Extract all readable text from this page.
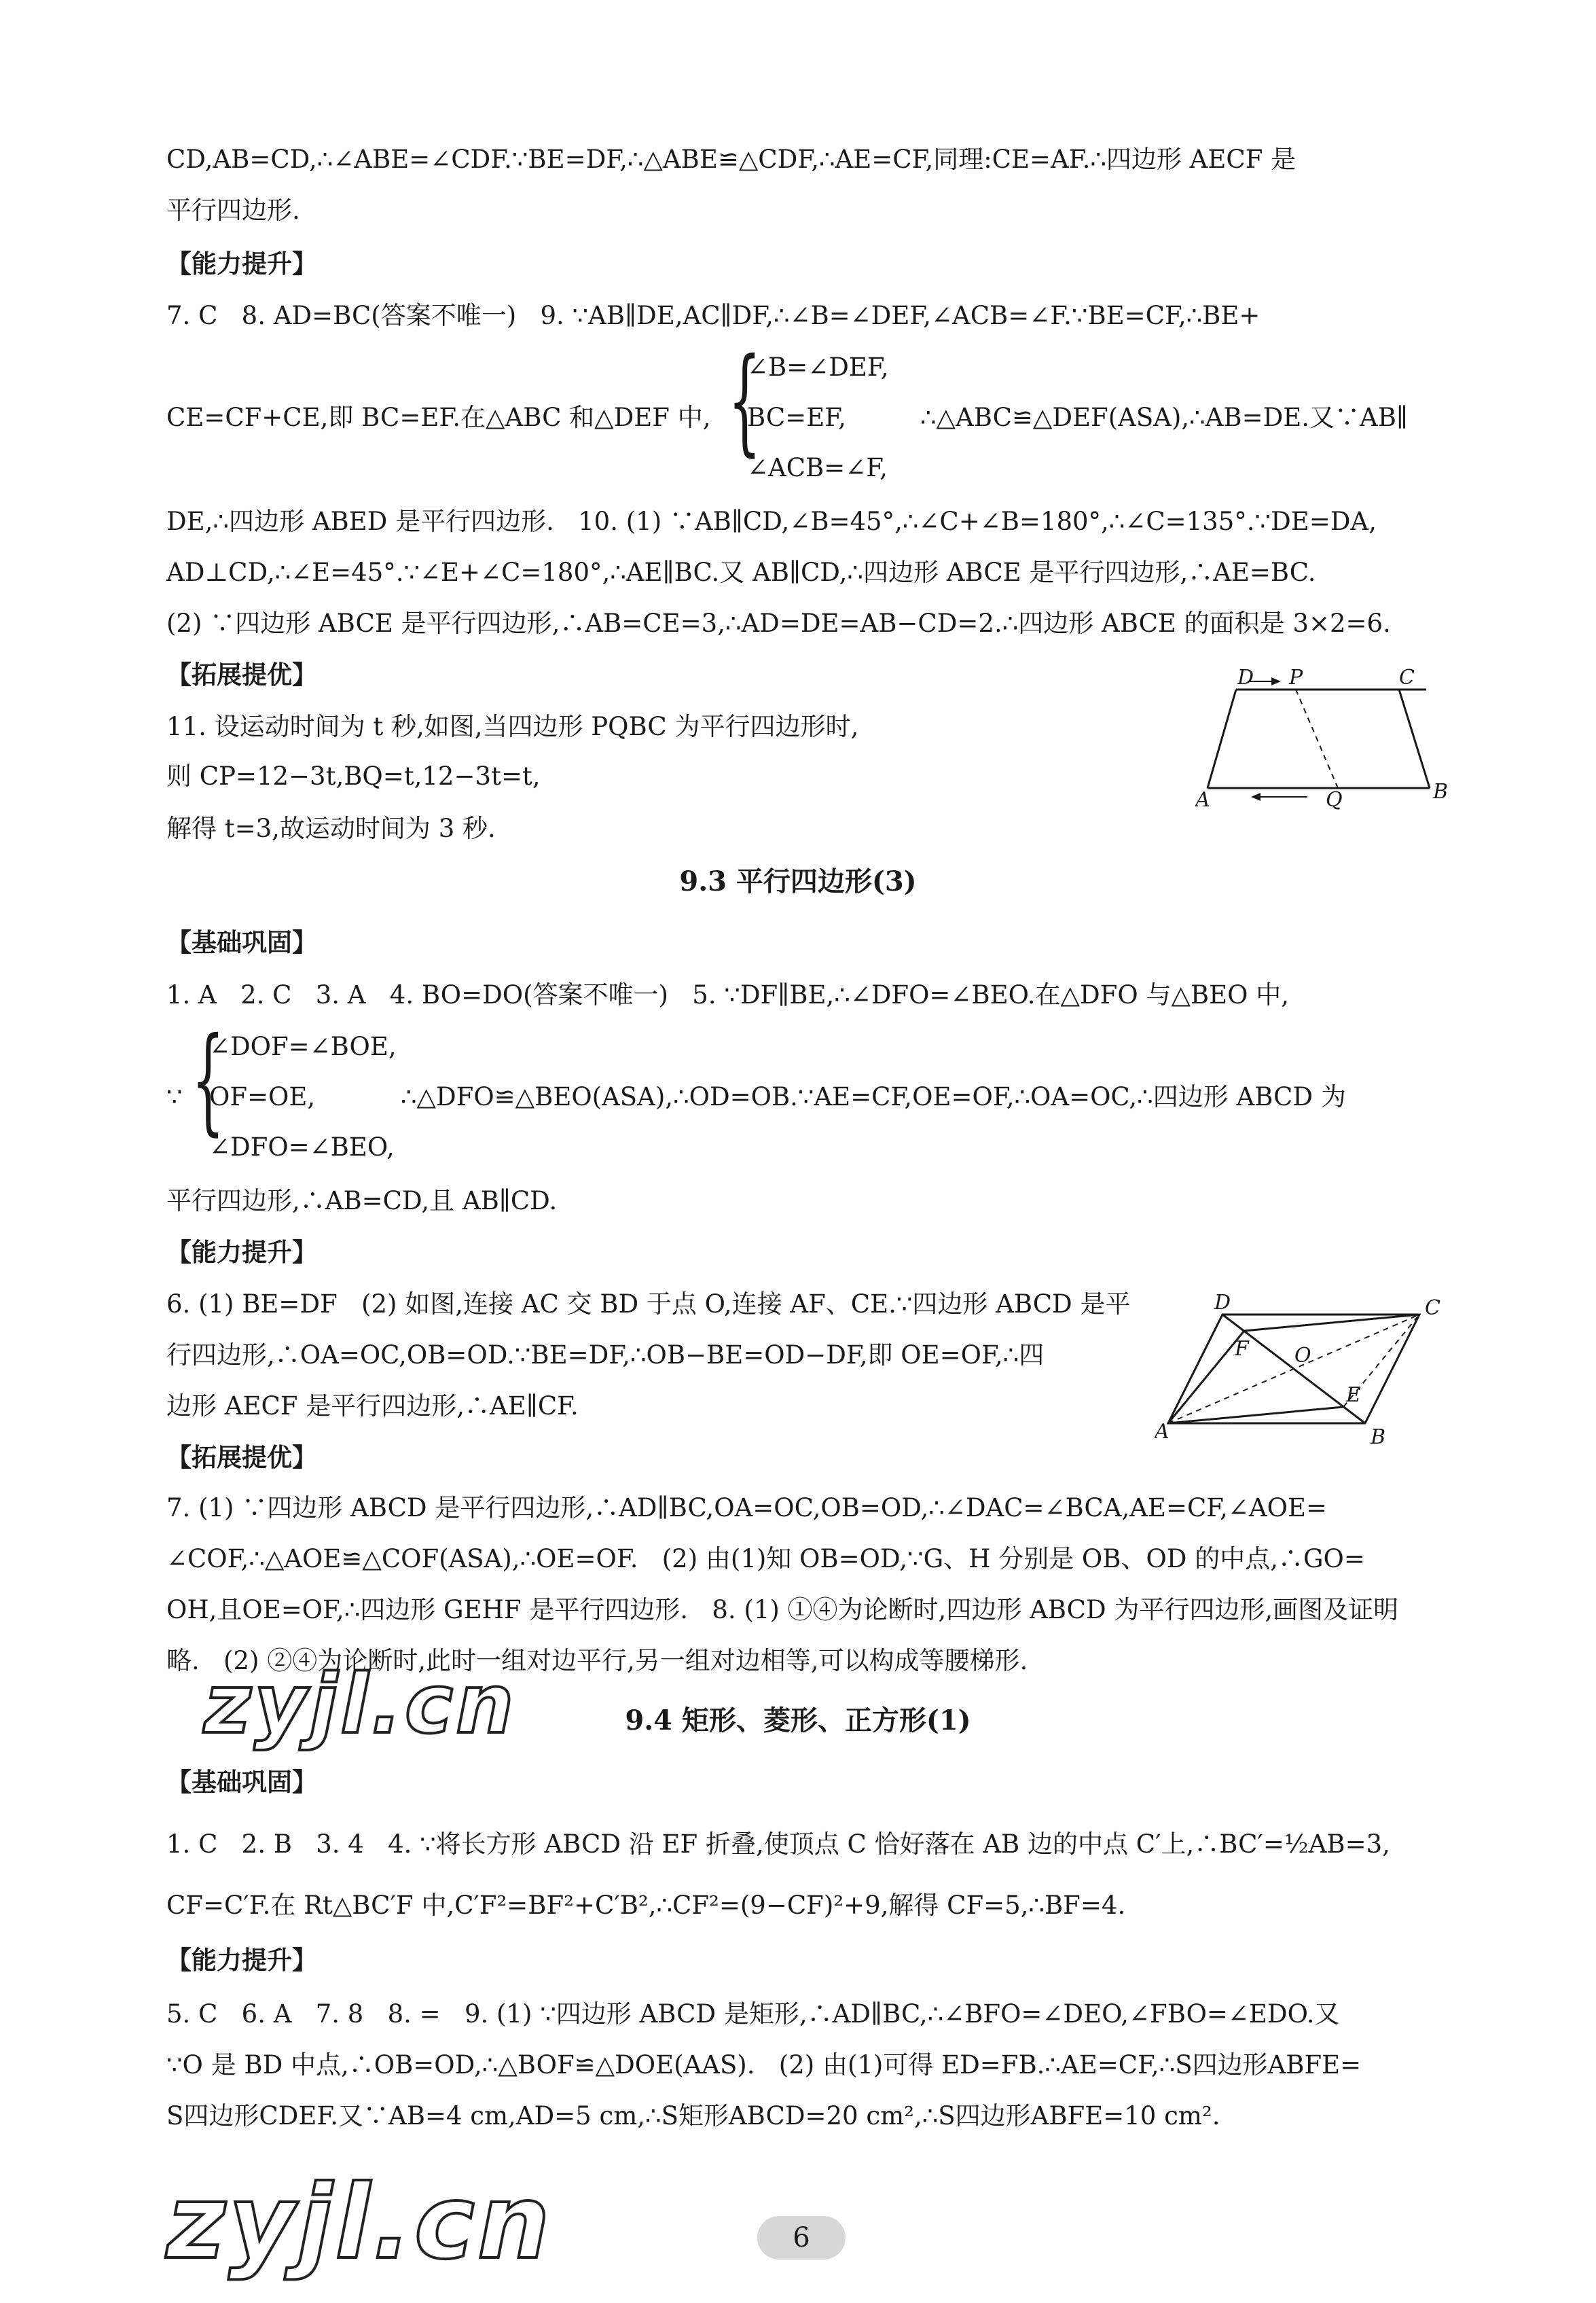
CD,AB=CD,∴∠ABE=∠CDF.∵BE=DF,∴△ABE≌△CDF,∴AE=CF,同理:CE=AF.∴四边形 AECF 是
平行四边形.
【能力提升】
7. C   8. AD=BC(答案不唯一)   9. ∵AB∥DE,AC∥DF,∴∠B=∠DEF,∠ACB=∠F.∵BE=CF,∴BE+
CE=CF+CE,即 BC=EF.在△ABC 和△DEF 中, {
∠B=∠DEF,
BC=EF,
∠ACB=∠F,
∴△ABC≌△DEF(ASA),∴AB=DE.又∵AB∥
DE,∴四边形 ABED 是平行四边形.   10. (1) ∵AB∥CD,∠B=45°,∴∠C+∠B=180°,∴∠C=135°.∵DE=DA,
AD⊥CD,∴∠E=45°.∵∠E+∠C=180°,∴AE∥BC.又 AB∥CD,∴四边形 ABCE 是平行四边形,∴AE=BC.
(2) ∵四边形 ABCE 是平行四边形,∴AB=CE=3,∴AD=DE=AB−CD=2.∴四边形 ABCE 的面积是 3×2=6.
【拓展提优】
11. 设运动时间为 t 秒,如图,当四边形 PQBC 为平行四边形时,
则 CP=12−3t,BQ=t,12−3t=t,
解得 t=3,故运动时间为 3 秒.
D P	C
A	Q	B
9.3 平行四边形(3)
【基础巩固】
1. A   2. C   3. A   4. BO=DO(答案不唯一)   5. ∵DF∥BE,∴∠DFO=∠BEO.在△DFO 与△BEO 中,
∵ {
∠DOF=∠BOE,
OF=OE,
∠DFO=∠BEO,
∴△DFO≌△BEO(ASA),∴OD=OB.∵AE=CF,OE=OF,∴OA=OC,∴四边形 ABCD 为
平行四边形,∴AB=CD,且 AB∥CD.
【能力提升】
6. (1) BE=DF   (2) 如图,连接 AC 交 BD 于点 O,连接 AF、CE.∵四边形 ABCD 是平
行四边形,∴OA=OC,OB=OD.∵BE=DF,∴OB−BE=OD−DF,即 OE=OF,∴四
边形 AECF 是平行四边形,∴AE∥CF.
D	C
F O
E
A	B
【拓展提优】
7. (1) ∵四边形 ABCD 是平行四边形,∴AD∥BC,OA=OC,OB=OD,∴∠DAC=∠BCA,AE=CF,∠AOE=
∠COF,∴△AOE≌△COF(ASA),∴OE=OF.   (2) 由(1)知 OB=OD,∵G、H 分别是 OB、OD 的中点,∴GO=
OH,且OE=OF,∴四边形 GEHF 是平行四边形.   8. (1) ①④为论断时,四边形 ABCD 为平行四边形,画图及证明
略.   (2) ②④为论断时,此时一组对边平行,另一组对边相等,可以构成等腰梯形.
zyjl.cn	9.4 矩形、菱形、正方形(1)
【基础巩固】
1. C   2. B   3. 4   4. ∵将长方形 ABCD 沿 EF 折叠,使顶点 C 恰好落在 AB 边的中点 C′上,∴BC′=½AB=3,
CF=C′F.在 Rt△BC′F 中,C′F²=BF²+C′B²,∴CF²=(9−CF)²+9,解得 CF=5,∴BF=4.
【能力提升】
5. C   6. A   7. 8   8. =   9. (1) ∵四边形 ABCD 是矩形,∴AD∥BC,∴∠BFO=∠DEO,∠FBO=∠EDO.又
∵O 是 BD 中点,∴OB=OD,∴△BOF≌△DOE(AAS).   (2) 由(1)可得 ED=FB.∴AE=CF,∴S四边形ABFE=
S四边形CDEF.又∵AB=4 cm,AD=5 cm,∴S矩形ABCD=20 cm²,∴S四边形ABFE=10 cm².
zyjl.cn	6
